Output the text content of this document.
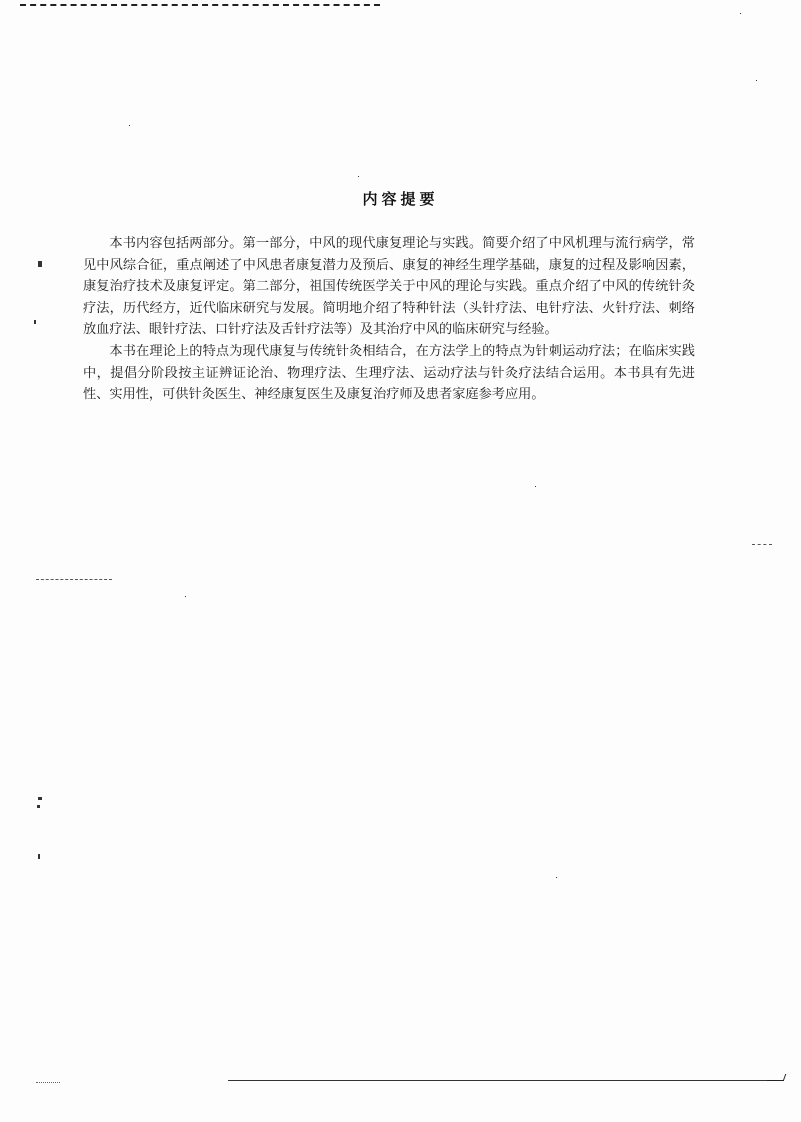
内容提要

本书内容包括两部分。第一部分，中风的现代康复理论与实践。简要介绍了中风机理与流行病学，常见中风综合征，重点阐述了中风患者康复潜力及预后、康复的神经生理学基础，康复的过程及影响因素，康复治疗技术及康复评定。第二部分，祖国传统医学关于中风的理论与实践。重点介绍了中风的传统针灸疗法，历代经方，近代临床研究与发展。简明地介绍了特种针法（头针疗法、电针疗法、火针疗法、刺络放血疗法、眼针疗法、口针疗法及舌针疗法等）及其治疗中风的临床研究与经验。

本书在理论上的特点为现代康复与传统针灸相结合，在方法学上的特点为针刺运动疗法；在临床实践中，提倡分阶段按主证辨证论治、物理疗法、生理疗法、运动疗法与针灸疗法结合运用。本书具有先进性、实用性，可供针灸医生、神经康复医生及康复治疗师及患者家庭参考应用。
